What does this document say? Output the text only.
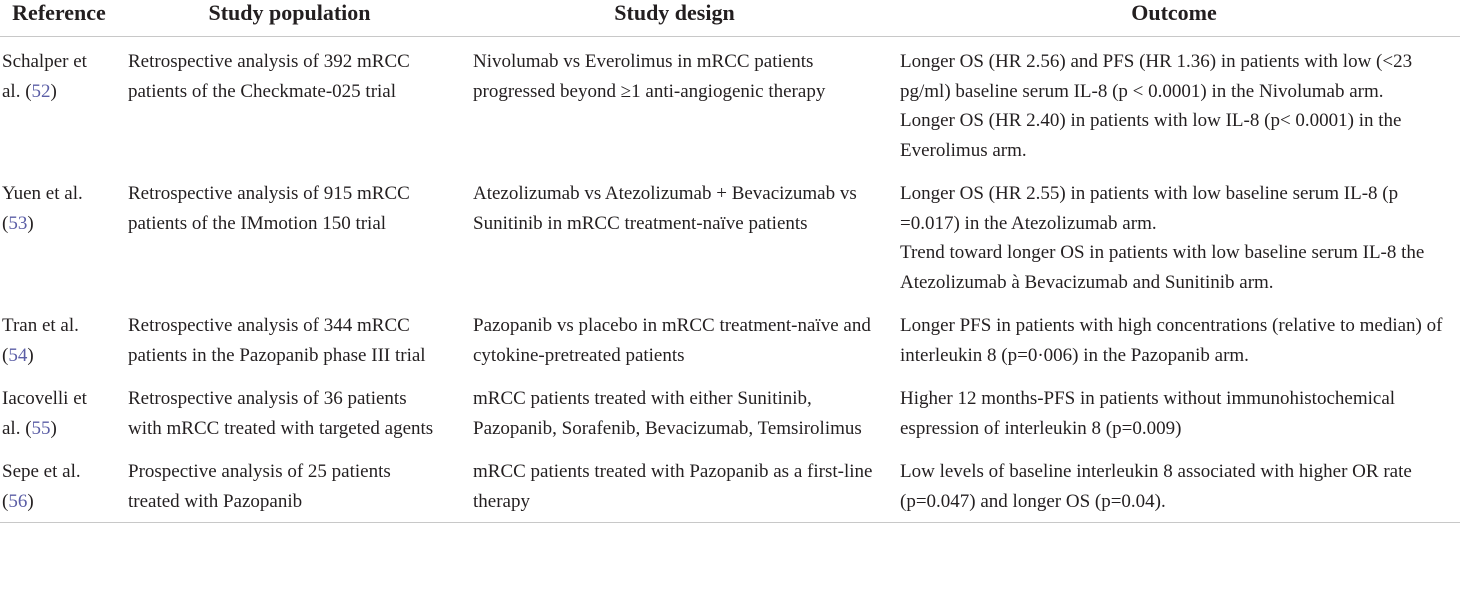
Reference	Study population	Study design	Outcome
Schalper et al. (52)	Retrospective analysis of 392 mRCC patients of the Checkmate-025 trial	Nivolumab vs Everolimus in mRCC patients progressed beyond ≥1 anti-angiogenic therapy	Longer OS (HR 2.56) and PFS (HR 1.36) in patients with low (<23 pg/ml) baseline serum IL-8 (p < 0.0001) in the Nivolumab arm.
Longer OS (HR 2.40) in patients with low IL-8 (p< 0.0001) in the Everolimus arm.

Yuen et al. (53)	Retrospective analysis of 915 mRCC patients of the IMmotion 150 trial	Atezolizumab vs Atezolizumab + Bevacizumab vs Sunitinib in mRCC treatment-naïve patients	Longer OS (HR 2.55) in patients with low baseline serum IL-8 (p =0.017) in the Atezolizumab arm.
Trend toward longer OS in patients with low baseline serum IL-8 the Atezolizumab à Bevacizumab and Sunitinib arm.

Tran et al. (54)	Retrospective analysis of 344 mRCC patients in the Pazopanib phase III trial	Pazopanib vs placebo in mRCC treatment-naïve and cytokine-pretreated patients	Longer PFS in patients with high concentrations (relative to median) of interleukin 8 (p=0·006) in the Pazopanib arm.

Iacovelli et al. (55)	Retrospective analysis of 36 patients with mRCC treated with targeted agents	mRCC patients treated with either Sunitinib, Pazopanib, Sorafenib, Bevacizumab, Temsirolimus	Higher 12 months-PFS in patients without immunohistochemical espression of interleukin 8 (p=0.009)

Sepe et al. (56)	Prospective analysis of 25 patients treated with Pazopanib	mRCC patients treated with Pazopanib as a first-line therapy	Low levels of baseline interleukin 8 associated with higher OR rate (p=0.047) and longer OS (p=0.04).
